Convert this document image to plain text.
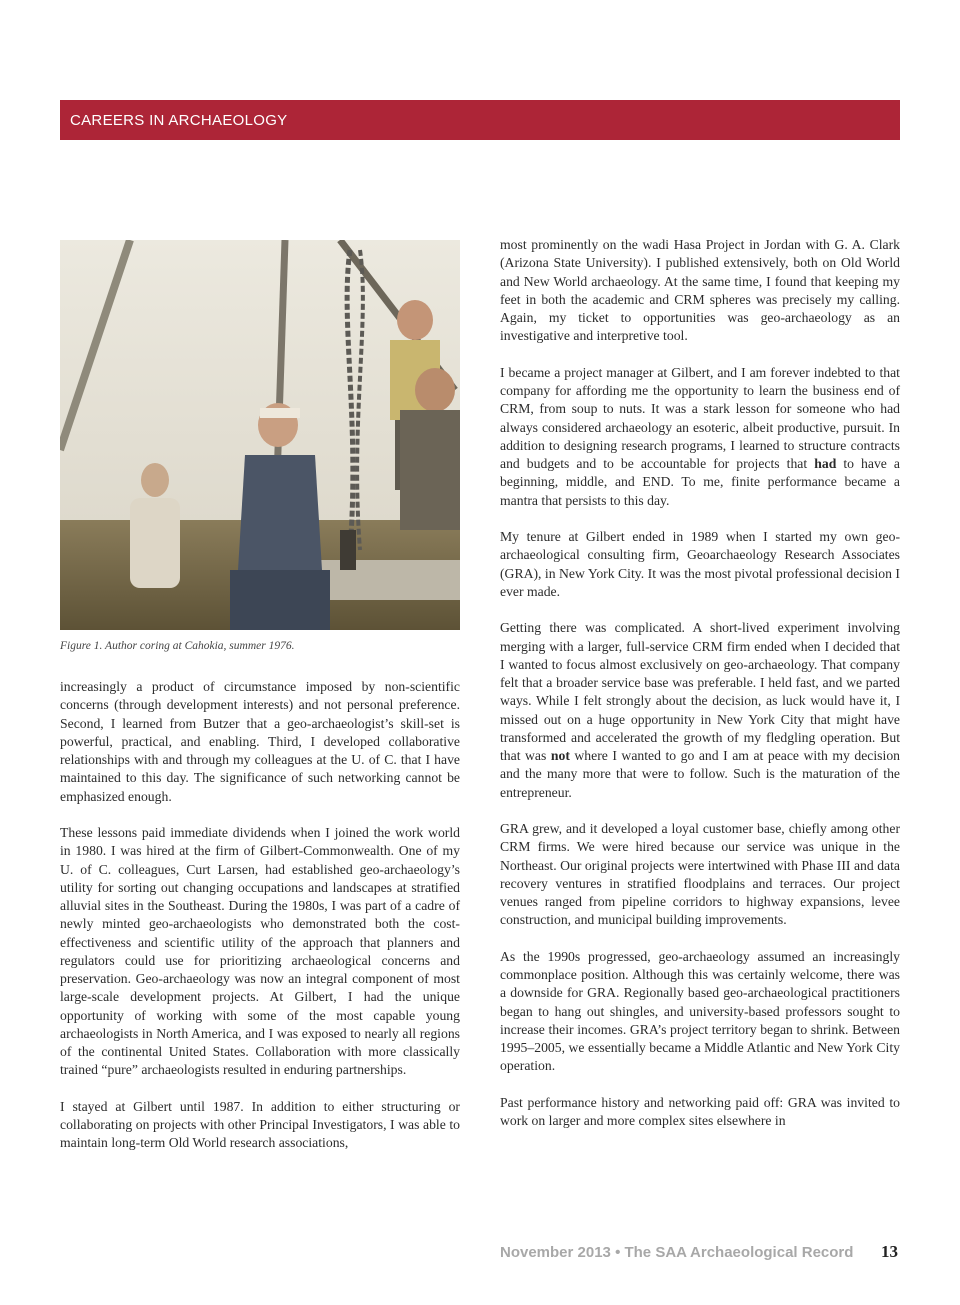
CAREERS IN ARCHAEOLOGY
Figure 1. Author coring at Cahokia, summer 1976.

increasingly a product of circumstance imposed by non-scientific concerns (through development interests) and not personal preference. Second, I learned from Butzer that a geo-archaeologist’s skill-set is powerful, practical, and enabling. Third, I developed collaborative relationships with and through my colleagues at the U. of C. that I have maintained to this day. The significance of such networking cannot be emphasized enough.

These lessons paid immediate dividends when I joined the work world in 1980. I was hired at the firm of Gilbert-Commonwealth. One of my U. of C. colleagues, Curt Larsen, had established geo-archaeology’s utility for sorting out changing occupations and landscapes at stratified alluvial sites in the Southeast. During the 1980s, I was part of a cadre of newly minted geo-archaeologists who demonstrated both the cost-effectiveness and scientific utility of the approach that planners and regulators could use for prioritizing archaeological concerns and preservation. Geo-archaeology was now an integral component of most large-scale development projects. At Gilbert, I had the unique opportunity of working with some of the most capable young archaeologists in North America, and I was exposed to nearly all regions of the continental United States. Collaboration with more classically trained “pure” archaeologists resulted in enduring partnerships.

I stayed at Gilbert until 1987. In addition to either structuring or collaborating on projects with other Principal Investigators, I was able to maintain long-term Old World research associations,

most prominently on the wadi Hasa Project in Jordan with G. A. Clark (Arizona State University). I published extensively, both on Old World and New World archaeology. At the same time, I found that keeping my feet in both the academic and CRM spheres was precisely my calling. Again, my ticket to opportunities was geo-archaeology as an investigative and interpretive tool.

I became a project manager at Gilbert, and I am forever indebted to that company for affording me the opportunity to learn the business end of CRM, from soup to nuts. It was a stark lesson for someone who had always considered archaeology an esoteric, albeit productive, pursuit. In addition to designing research programs, I learned to structure contracts and budgets and to be accountable for projects that had to have a beginning, middle, and END. To me, finite performance became a mantra that persists to this day.

My tenure at Gilbert ended in 1989 when I started my own geo-archaeological consulting firm, Geoarchaeology Research Associates (GRA), in New York City. It was the most pivotal professional decision I ever made.

Getting there was complicated. A short-lived experiment involving merging with a larger, full-service CRM firm ended when I decided that I wanted to focus almost exclusively on geo-archaeology. That company felt that a broader service base was preferable. I held fast, and we parted ways. While I felt strongly about the decision, as luck would have it, I missed out on a huge opportunity in New York City that might have transformed and accelerated the growth of my fledgling operation. But that was not where I wanted to go and I am at peace with my decision and the many more that were to follow. Such is the maturation of the entrepreneur.

GRA grew, and it developed a loyal customer base, chiefly among other CRM firms. We were hired because our service was unique in the Northeast. Our original projects were intertwined with Phase III and data recovery ventures in stratified floodplains and terraces. Our project venues ranged from pipeline corridors to highway expansions, levee construction, and municipal building improvements.

As the 1990s progressed, geo-archaeology assumed an increasingly commonplace position. Although this was certainly welcome, there was a downside for GRA. Regionally based geo-archaeological practitioners began to hang out shingles, and university-based professors sought to increase their incomes. GRA’s project territory began to shrink. Between 1995–2005, we essentially became a Middle Atlantic and New York City operation.

Past performance history and networking paid off: GRA was invited to work on larger and more complex sites elsewhere in

November 2013 • The SAA Archaeological Record 13
